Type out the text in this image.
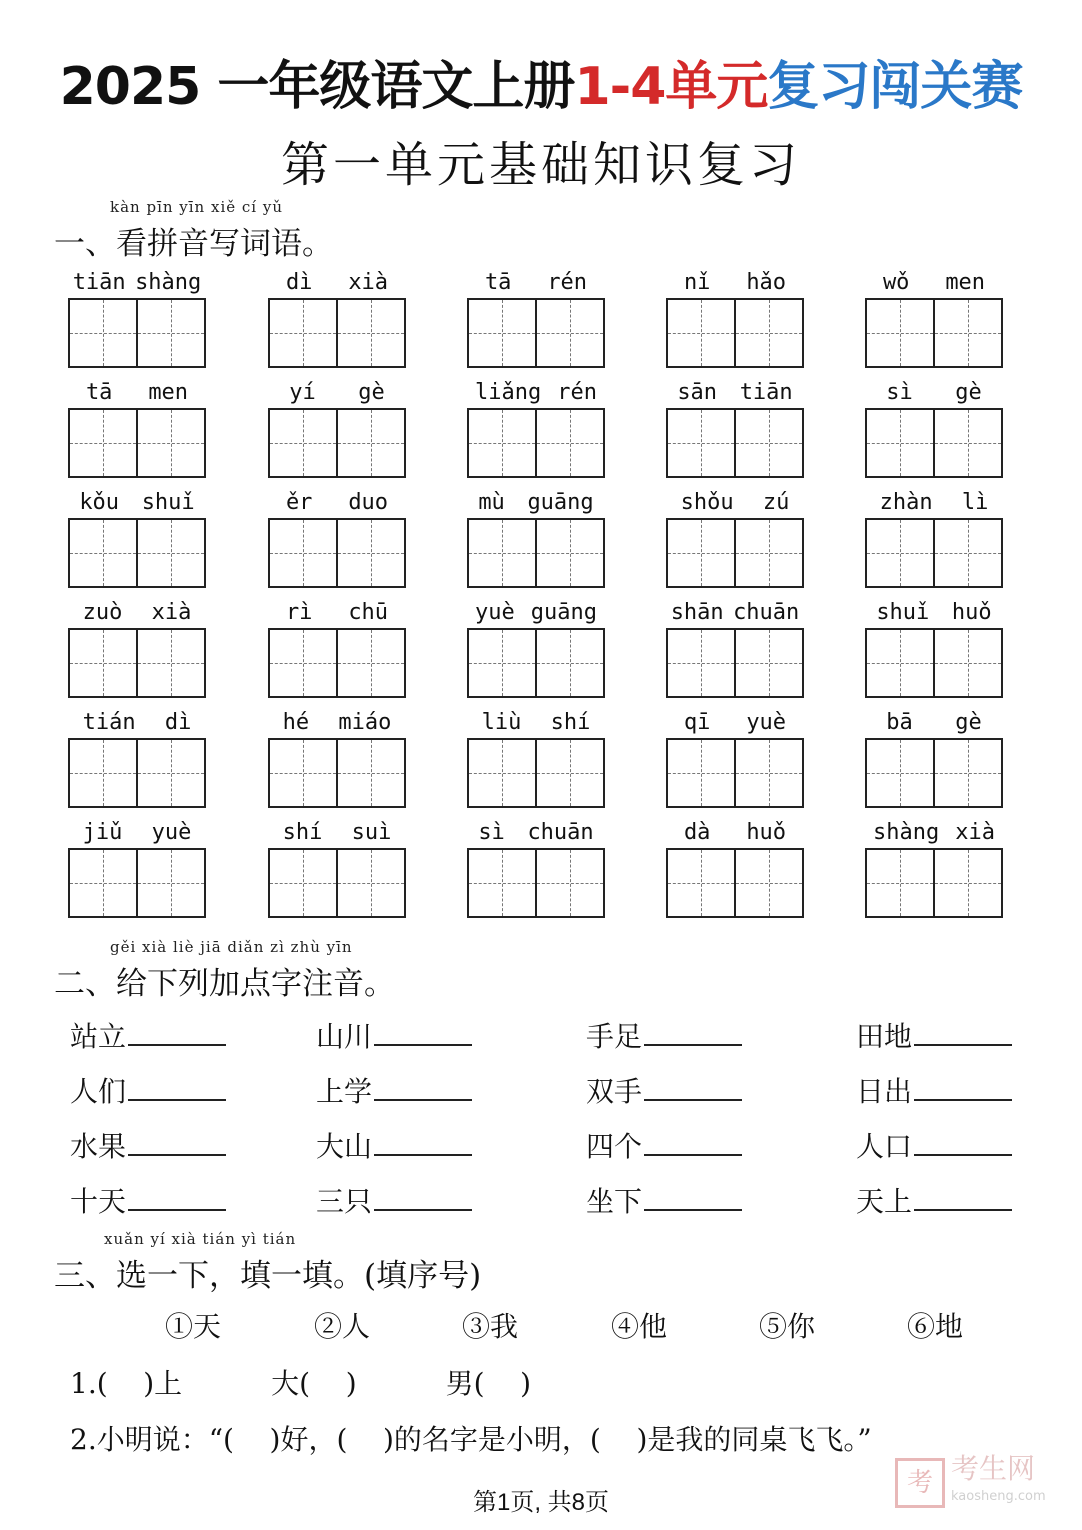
2025 一年级语文上册1-4单元复习闯关赛
第一单元基础知识复习
kàn pīn yīn xiě cí yǔ
一、看拼音写词语。
tiān shàng	dì xià	tā rén	nǐ hǎo	wǒ men
tā men	yí gè	liǎng rén	sān tiān	sì gè
kǒu shuǐ	ěr duo	mù guāng	shǒu zú	zhàn lì
zuò xià	rì chū	yuè guāng	shān chuān	shuǐ huǒ
tián dì	hé miáo	liù shí	qī yuè	bā gè
jiǔ yuè	shí suì	sì chuān	dà huǒ	shàng xià
gěi xià liè jiā diǎn zì zhù yīn
二、给下列加点字注音。
站立	山川	手足	田地
人们	上学	双手	日出
水果	大山	四个	人口
十天	三只	坐下	天上
xuǎn yí xià tián yì tián
三、选一下，填一填。(填序号)
①天	②人	③我	④他	⑤你	⑥地
1.(    )上          大(    )          男(    )
2.小明说：“(    )好，(    )的名字是小明，(    )是我的同桌飞飞。”
第1页, 共8页
考 考生网
kaosheng.com
